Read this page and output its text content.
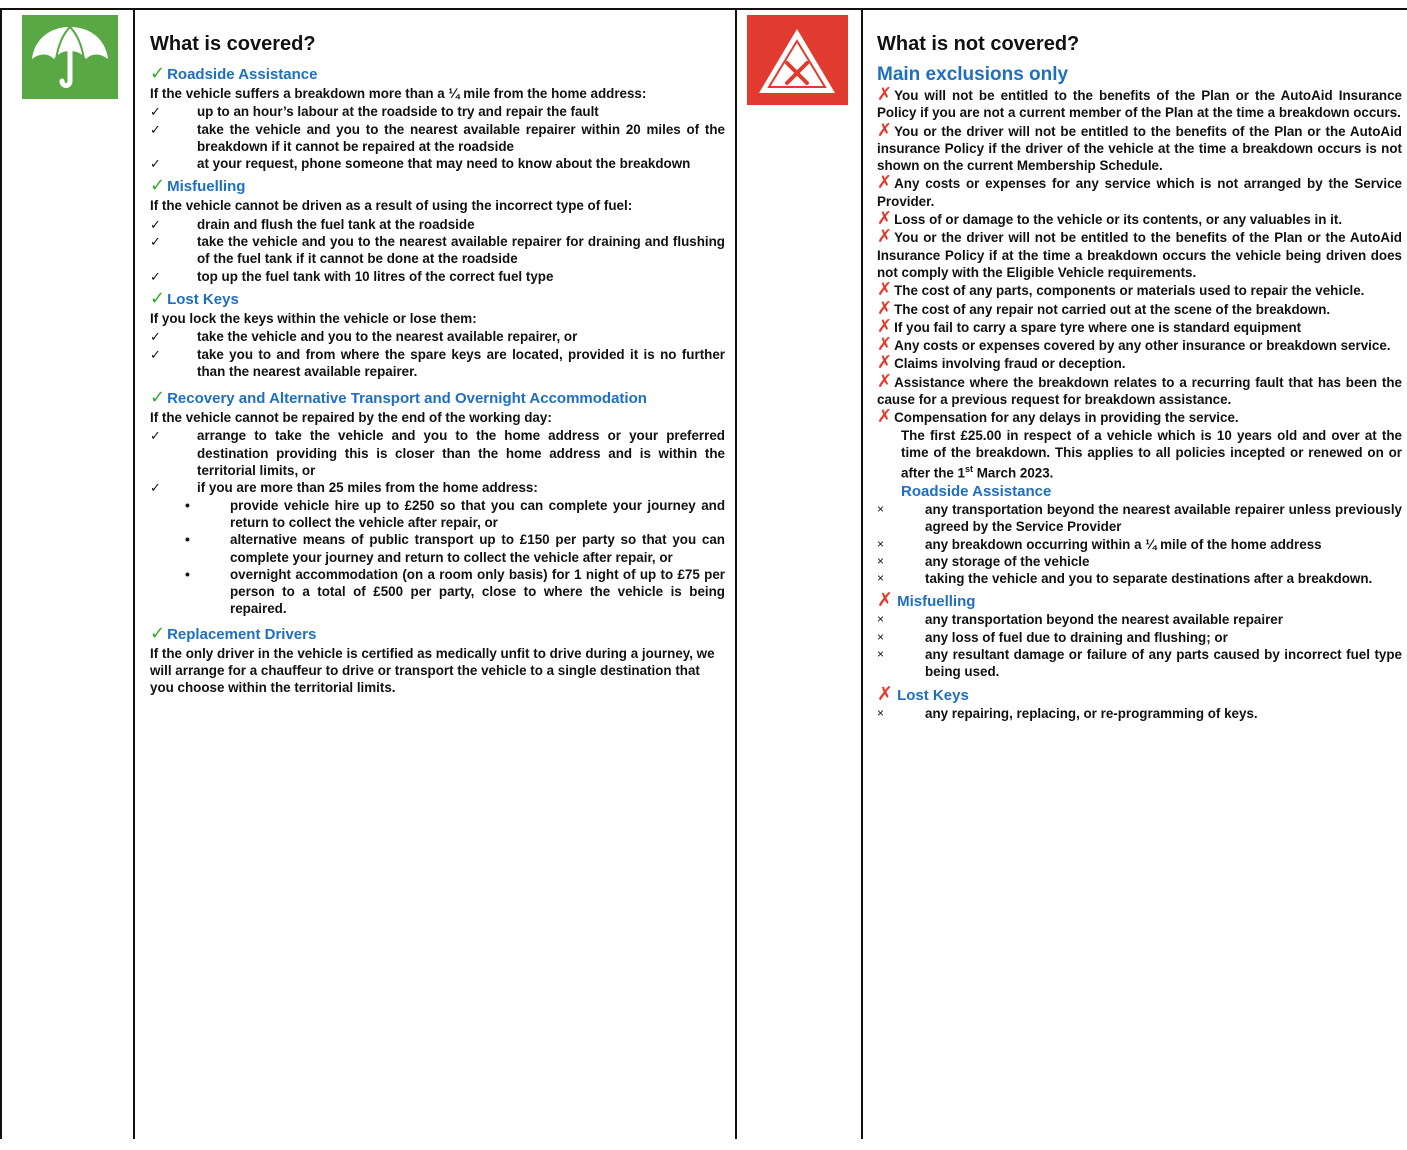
What is covered?
✓ Roadside Assistance
If the vehicle suffers a breakdown more than a ¼ mile from the home address:
✓ up to an hour’s labour at the roadside to try and repair the fault
✓ take the vehicle and you to the nearest available repairer within 20 miles of the breakdown if it cannot be repaired at the roadside
✓ at your request, phone someone that may need to know about the breakdown
✓ Misfuelling
If the vehicle cannot be driven as a result of using the incorrect type of fuel:
✓ drain and flush the fuel tank at the roadside
✓ take the vehicle and you to the nearest available repairer for draining and flushing of the fuel tank if it cannot be done at the roadside
✓ top up the fuel tank with 10 litres of the correct fuel type
✓ Lost Keys
If you lock the keys within the vehicle or lose them:
✓ take the vehicle and you to the nearest available repairer, or
✓ take you to and from where the spare keys are located, provided it is no further than the nearest available repairer.
✓ Recovery and Alternative Transport and Overnight Accommodation
If the vehicle cannot be repaired by the end of the working day:
✓ arrange to take the vehicle and you to the home address or your preferred destination providing this is closer than the home address and is within the territorial limits, or
✓ if you are more than 25 miles from the home address:
• provide vehicle hire up to £250 so that you can complete your journey and return to collect the vehicle after repair, or
• alternative means of public transport up to £150 per party so that you can complete your journey and return to collect the vehicle after repair, or
• overnight accommodation (on a room only basis) for 1 night of up to £75 per person to a total of £500 per party, close to where the vehicle is being repaired.
✓ Replacement Drivers
If the only driver in the vehicle is certified as medically unfit to drive during a journey, we will arrange for a chauffeur to drive or transport the vehicle to a single destination that you choose within the territorial limits.
What is not covered?
Main exclusions only

✗ You will not be entitled to the benefits of the Plan or the AutoAid Insurance Policy if you are not a current member of the Plan at the time a breakdown occurs.

✗ You or the driver will not be entitled to the benefits of the Plan or the AutoAid insurance Policy if the driver of the vehicle at the time a breakdown occurs is not shown on the current Membership Schedule.

✗ Any costs or expenses for any service which is not arranged by the Service Provider.

✗ Loss of or damage to the vehicle or its contents, or any valuables in it.

✗ You or the driver will not be entitled to the benefits of the Plan or the AutoAid Insurance Policy if at the time a breakdown occurs the vehicle being driven does not comply with the Eligible Vehicle requirements.

✗ The cost of any parts, components or materials used to repair the vehicle.

✗ The cost of any repair not carried out at the scene of the breakdown.

✗ If you fail to carry a spare tyre where one is standard equipment

✗ Any costs or expenses covered by any other insurance or breakdown service.

✗ Claims involving fraud or deception.

✗ Assistance where the breakdown relates to a recurring fault that has been the cause for a previous request for breakdown assistance.

✗ Compensation for any delays in providing the service.

The first £25.00 in respect of a vehicle which is 10 years old and over at the time of the breakdown. This applies to all policies incepted or renewed on or after the 1st March 2023.

Roadside Assistance
× any transportation beyond the nearest available repairer unless previously agreed by the Service Provider
× any breakdown occurring within a ¼ mile of the home address
× any storage of the vehicle
× taking the vehicle and you to separate destinations after a breakdown.
✗ Misfuelling
× any transportation beyond the nearest available repairer
× any loss of fuel due to draining and flushing; or
× any resultant damage or failure of any parts caused by incorrect fuel type being used.
✗ Lost Keys
× any repairing, replacing, or re-programming of keys.
